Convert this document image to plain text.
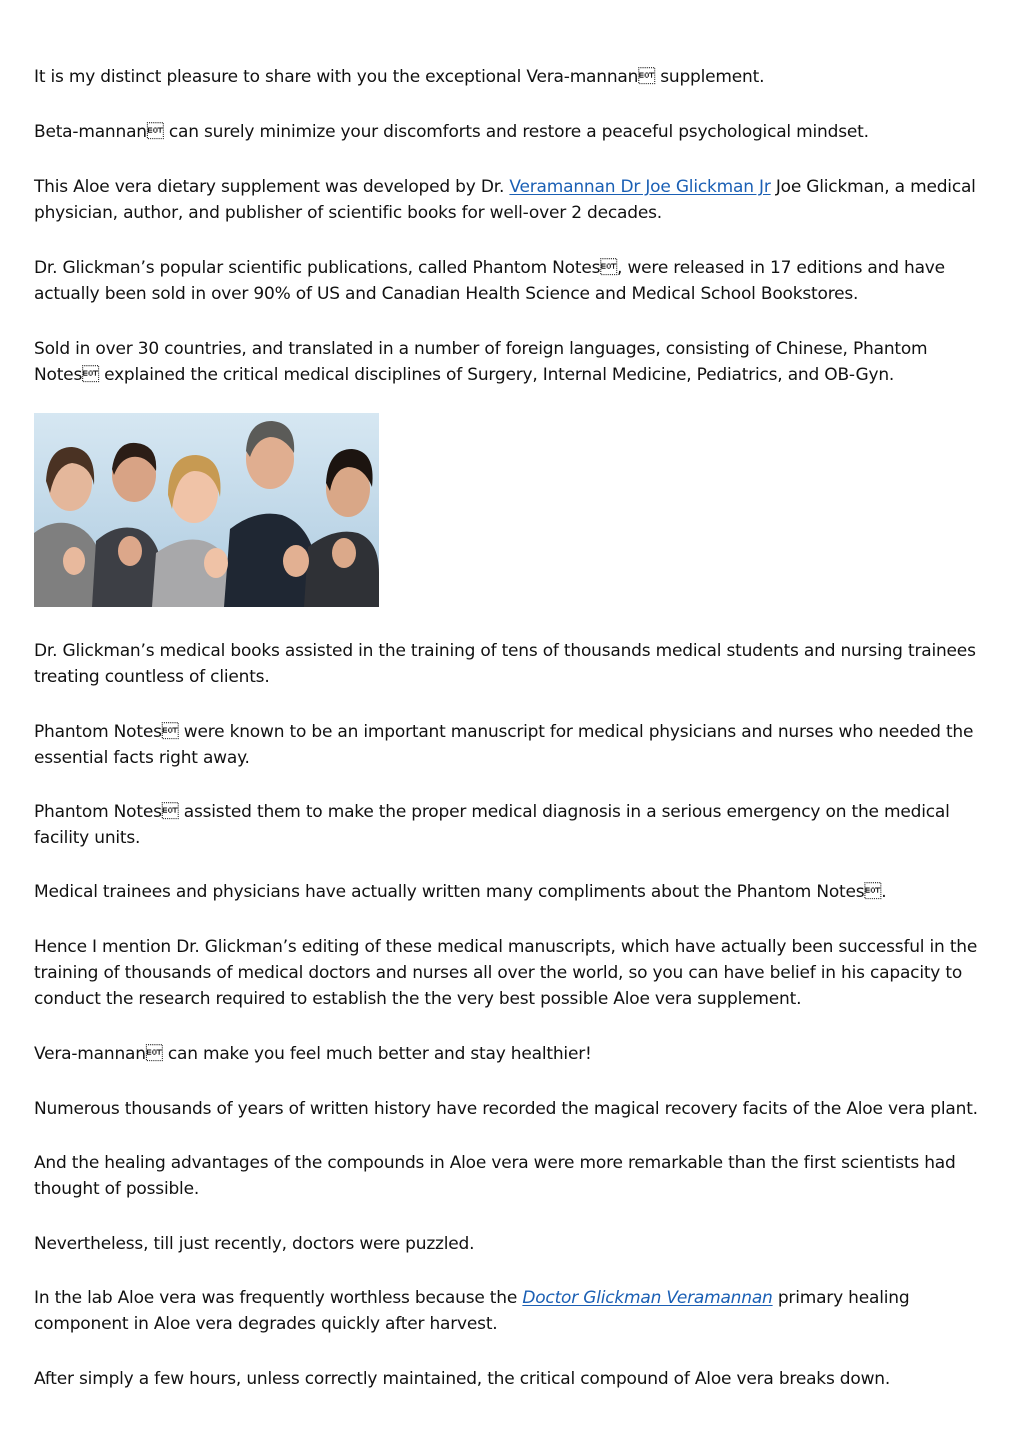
It is my distinct pleasure to share with you the exceptional Vera-mannan supplement.

Beta-mannan can surely minimize your discomforts and restore a peaceful psychological mindset.

This Aloe vera dietary supplement was developed by Dr. Veramannan Dr Joe Glickman Jr Joe Glickman, a medical physician, author, and publisher of scientific books for well-over 2 decades.

Dr. Glickman’s popular scientific publications, called Phantom Notes, were released in 17 editions and have actually been sold in over 90% of US and Canadian Health Science and Medical School Bookstores.

Sold in over 30 countries, and translated in a number of foreign languages, consisting of Chinese, Phantom Notes explained the critical medical disciplines of Surgery, Internal Medicine, Pediatrics, and OB-Gyn.

Dr. Glickman’s medical books assisted in the training of tens of thousands medical students and nursing trainees treating countless of clients.

Phantom Notes were known to be an important manuscript for medical physicians and nurses who needed the essential facts right away.

Phantom Notes assisted them to make the proper medical diagnosis in a serious emergency on the medical facility units.

Medical trainees and physicians have actually written many compliments about the Phantom Notes.

Hence I mention Dr. Glickman’s editing of these medical manuscripts, which have actually been successful in the training of thousands of medical doctors and nurses all over the world, so you can have belief in his capacity to conduct the research required to establish the the very best possible Aloe vera supplement.

Vera-mannan can make you feel much better and stay healthier!

Numerous thousands of years of written history have recorded the magical recovery facits of the Aloe vera plant.

And the healing advantages of the compounds in Aloe vera were more remarkable than the first scientists had thought of possible.

Nevertheless, till just recently, doctors were puzzled.

In the lab Aloe vera was frequently worthless because the Doctor Glickman Veramannan primary healing component in Aloe vera degrades quickly after harvest.

After simply a few hours, unless correctly maintained, the critical compound of Aloe vera breaks down.
